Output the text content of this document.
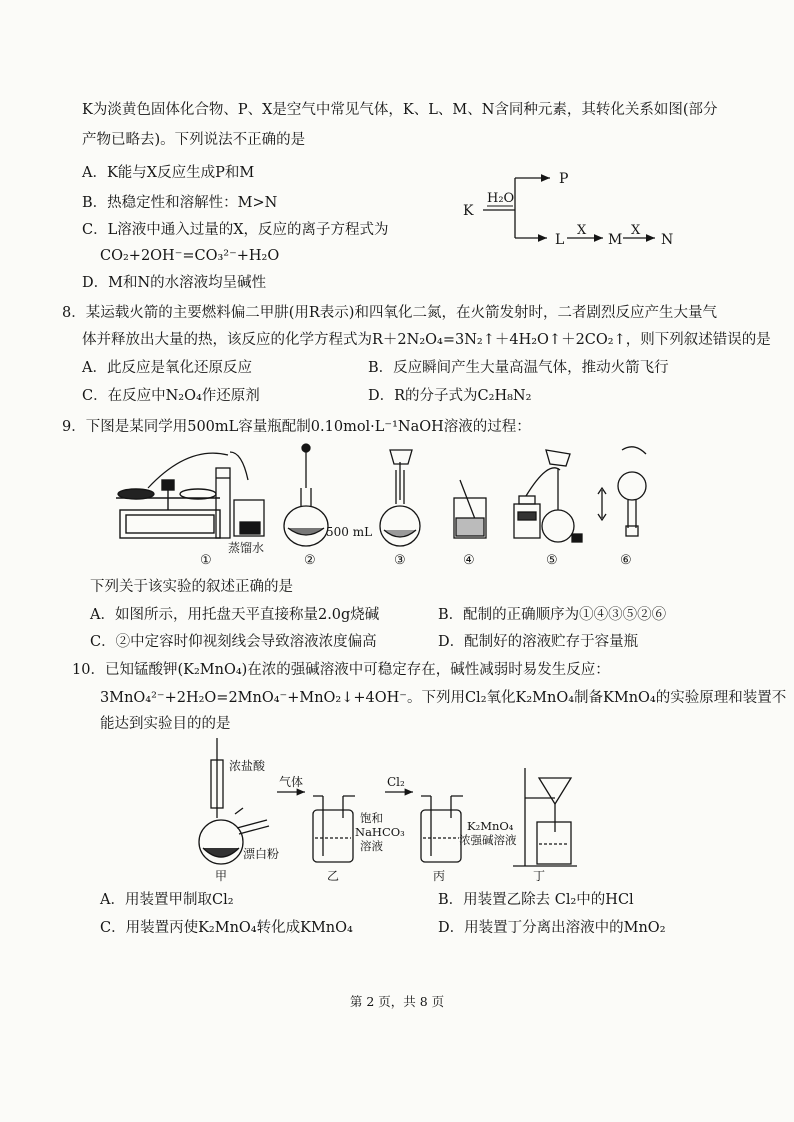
K为淡黄色固体化合物、P、X是空气中常见气体，K、L、M、N含同种元素，其转化关系如图(部分
产物已略去)。下列说法不正确的是
A．K能与X反应生成P和M
B．热稳定性和溶解性：M>N
C．L溶液中通入过量的X，反应的离子方程式为
CO₂+2OH⁻=CO₃²⁻+H₂O
D．M和N的水溶液均呈碱性
K
H₂O
P
L
X
M
X
N
8．某运载火箭的主要燃料偏二甲肼(用R表示)和四氧化二氮，在火箭发射时，二者剧烈反应产生大量气
体并释放出大量的热，该反应的化学方程式为R＋2N₂O₄=3N₂↑＋4H₂O↑＋2CO₂↑，则下列叙述错误的是
A．此反应是氧化还原反应	B．反应瞬间产生大量高温气体，推动火箭飞行
C．在反应中N₂O₄作还原剂	D．R的分子式为C₂H₈N₂
9．下图是某同学用500mL容量瓶配制0.10mol·L⁻¹NaOH溶液的过程：
蒸馏水
500 mL
①	②	③	④	⑤	⑥
下列关于该实验的叙述正确的是
A．如图所示，用托盘天平直接称量2.0g烧碱	B．配制的正确顺序为①④③⑤②⑥
C．②中定容时仰视刻线会导致溶液浓度偏高	D．配制好的溶液贮存于容量瓶
10．已知锰酸钾(K₂MnO₄)在浓的强碱溶液中可稳定存在，碱性减弱时易发生反应：
3MnO₄²⁻+2H₂O=2MnO₄⁻+MnO₂↓+4OH⁻。下列用Cl₂氧化K₂MnO₄制备KMnO₄的实验原理和装置不
能达到实验目的的是
浓盐酸
漂白粉
气体	Cl₂
饱和
NaHCO₃
溶液
K₂MnO₄
浓强碱溶液
甲	乙	丙	丁
A．用装置甲制取Cl₂	B．用装置乙除去 Cl₂中的HCl
C．用装置丙使K₂MnO₄转化成KMnO₄	D．用装置丁分离出溶液中的MnO₂
第 2 页，共 8 页
